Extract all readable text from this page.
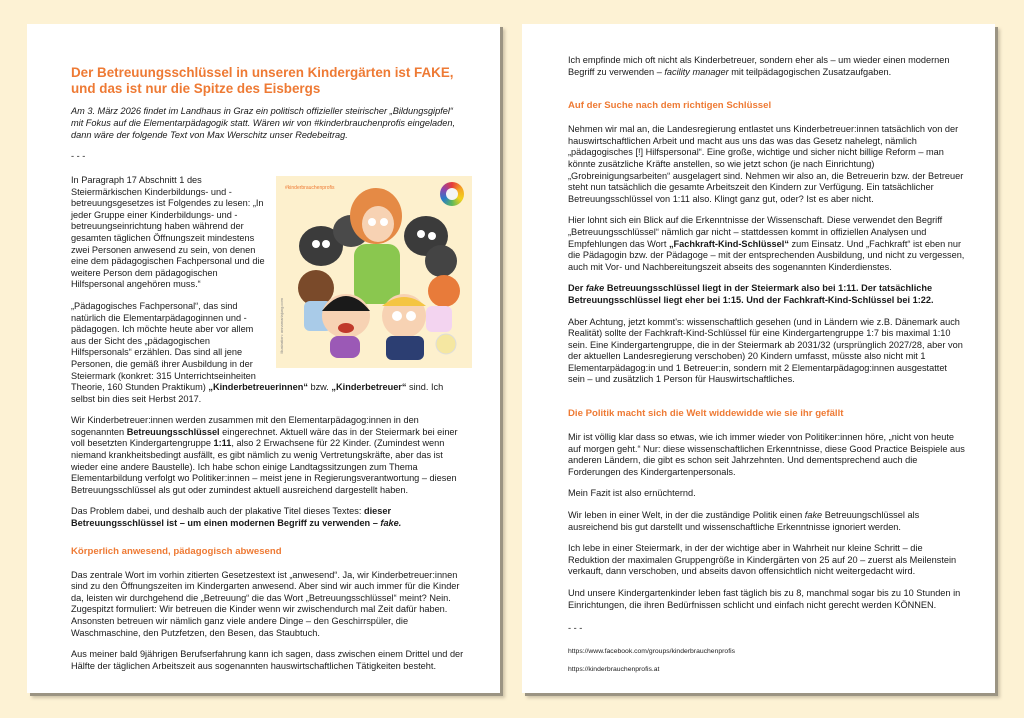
Der Betreuungsschlüssel in unseren Kindergärten ist FAKE,
und das ist nur die Spitze des Eisbergs
Am 3. März 2026 findet im Landhaus in Graz ein politisch offizieller steirischer „Bildungsgipfel“ mit Fokus auf die Elementarpädagogik statt. Wären wir von #kinderbrauchenprofis eingeladen, dann wäre der folgende Text von Max Werschitz unser Redebeitrag.
- - -
#kinderbrauchenprofis
Illustration: annamariajung.com

In Paragraph 17 Abschnitt 1 des Steiermärkischen Kinderbildungs- und -betreuungsgesetzes ist Folgendes zu lesen: „In jeder Gruppe einer Kinderbildungs- und -betreuungseinrichtung haben während der gesamten täglichen Öffnungszeit mindestens zwei Personen anwesend zu sein, von denen eine dem pädagogischen Fachpersonal und die weitere Person dem pädagogischen Hilfspersonal angehören muss.“

„Pädagogisches Fachpersonal“, das sind natürlich die Elementarpädagoginnen und -pädagogen. Ich möchte heute aber vor allem aus der Sicht des „pädagogischen Hilfspersonals“ erzählen. Das sind all jene Personen, die gemäß ihrer Ausbildung in der Steiermark (konkret: 315 Unterrichtseinheiten Theorie, 160 Stunden Praktikum) „Kinderbetreuerinnen“ bzw. „Kinderbetreuer“ sind. Ich selbst bin dies seit Herbst 2017.

Wir Kinderbetreuer:innen werden zusammen mit den Elementarpädagog:innen in den sogenannten Betreuungsschlüssel eingerechnet. Aktuell wäre das in der Steiermark bei einer voll besetzten Kindergartengruppe 1:11, also 2 Erwachsene für 22 Kinder. (Zumindest wenn niemand krankheitsbedingt ausfällt, es gibt nämlich zu wenig Vertretungskräfte, aber das ist wieder eine andere Baustelle). Ich habe schon einige Landtagssitzungen zum Thema Elementarbildung verfolgt wo Politiker:innen – meist jene in Regierungsverantwortung – diesen Betreuungsschlüssel als gut oder zumindest aktuell ausreichend dargestellt haben.

Das Problem dabei, und deshalb auch der plakative Titel dieses Textes: dieser Betreuungsschlüssel ist – um einen modernen Begriff zu verwenden – fake.

Körperlich anwesend, pädagogisch abwesend

Das zentrale Wort im vorhin zitierten Gesetzestext ist „anwesend“. Ja, wir Kinderbetreuer:innen sind zu den Öffnungszeiten im Kindergarten anwesend. Aber sind wir auch immer für die Kinder da, leisten wir durchgehend die „Betreuung“ die das Wort „Betreuungsschlüssel“ meint? Nein. Zugespitzt formuliert: Wir betreuen die Kinder wenn wir zwischendurch mal Zeit dafür haben. Ansonsten betreuen wir nämlich ganz viele andere Dinge – den Geschirrspüler, die Waschmaschine, den Putzfetzen, den Besen, das Staubtuch.

Aus meiner bald 9jährigen Berufserfahrung kann ich sagen, dass zwischen einem Drittel und der Hälfte der täglichen Arbeitszeit aus sogenannten hauswirtschaftlichen Tätigkeiten besteht.

Ich empfinde mich oft nicht als Kinderbetreuer, sondern eher als – um wieder einen modernen Begriff zu verwenden – facility manager mit teilpädagogischen Zusatzaufgaben.

Auf der Suche nach dem richtigen Schlüssel

Nehmen wir mal an, die Landesregierung entlastet uns Kinderbetreuer:innen tatsächlich von der hauswirtschaftlichen Arbeit und macht aus uns das was das Gesetz nahelegt, nämlich „pädagogisches [!] Hilfspersonal“. Eine große, wichtige und sicher nicht billige Reform – man könnte zusätzliche Kräfte anstellen, so wie jetzt schon (je nach Einrichtung) „Grobreinigungsarbeiten“ ausgelagert sind. Nehmen wir also an, die Betreuerin bzw. der Betreuer steht nun tatsächlich die gesamte Arbeitszeit den Kindern zur Verfügung. Ein tatsächlicher Betreuungsschlüssel von 1:11 also. Klingt ganz gut, oder? Ist es aber nicht.

Hier lohnt sich ein Blick auf die Erkenntnisse der Wissenschaft. Diese verwendet den Begriff „Betreuungsschlüssel“ nämlich gar nicht – stattdessen kommt in offiziellen Analysen und Empfehlungen das Wort „Fachkraft-Kind-Schlüssel“ zum Einsatz. Und „Fachkraft“ ist eben nur die Pädagogin bzw. der Pädagoge – mit der entsprechenden Ausbildung, und nicht zu vergessen, auch mit Vor- und Nachbereitungszeit abseits des sogenannten Kinderdienstes.

Der fake Betreuungsschlüssel liegt in der Steiermark also bei 1:11. Der tatsächliche Betreuungsschlüssel liegt eher bei 1:15. Und der Fachkraft-Kind-Schlüssel bei 1:22.

Aber Achtung, jetzt kommt's: wissenschaftlich gesehen (und in Ländern wie z.B. Dänemark auch Realität) sollte der Fachkraft-Kind-Schlüssel für eine Kindergartengruppe 1:7 bis maximal 1:10 sein. Eine Kindergartengruppe, die in der Steiermark ab 2031/32 (ursprünglich 2027/28, aber von der aktuellen Landesregierung verschoben) 20 Kindern umfasst, müsste also nicht mit 1 Elementarpädagog:in und 1 Betreuer:in, sondern mit 2 Elementarpädagog:innen ausgestattet sein – und zusätzlich 1 Person für Hauswirtschaftliches.

Die Politik macht sich die Welt widdewidde wie sie ihr gefällt

Mir ist völlig klar dass so etwas, wie ich immer wieder von Politiker:innen höre, „nicht von heute auf morgen geht.“ Nur: diese wissenschaftlichen Erkenntnisse, diese Good Practice Beispiele aus anderen Ländern, die gibt es schon seit Jahrzehnten. Und dementsprechend auch die Forderungen des Kindergartenpersonals.

Mein Fazit ist also ernüchternd.

Wir leben in einer Welt, in der die zuständige Politik einen fake Betreuungschlüssel als ausreichend bis gut darstellt und wissenschaftliche Erkenntnisse ignoriert werden.

Ich lebe in einer Steiermark, in der der wichtige aber in Wahrheit nur kleine Schritt – die Reduktion der maximalen Gruppengröße in Kindergärten von 25 auf 20 – zuerst als Meilenstein verkauft, dann verschoben, und abseits davon offensichtlich nicht weitergedacht wird.

Und unsere Kindergartenkinder leben fast täglich bis zu 8, manchmal sogar bis zu 10 Stunden in Einrichtungen, die ihren Bedürfnissen schlicht und einfach nicht gerecht werden KÖNNEN.

- - -
https://www.facebook.com/groups/kinderbrauchenprofis
https://kinderbrauchenprofis.at
